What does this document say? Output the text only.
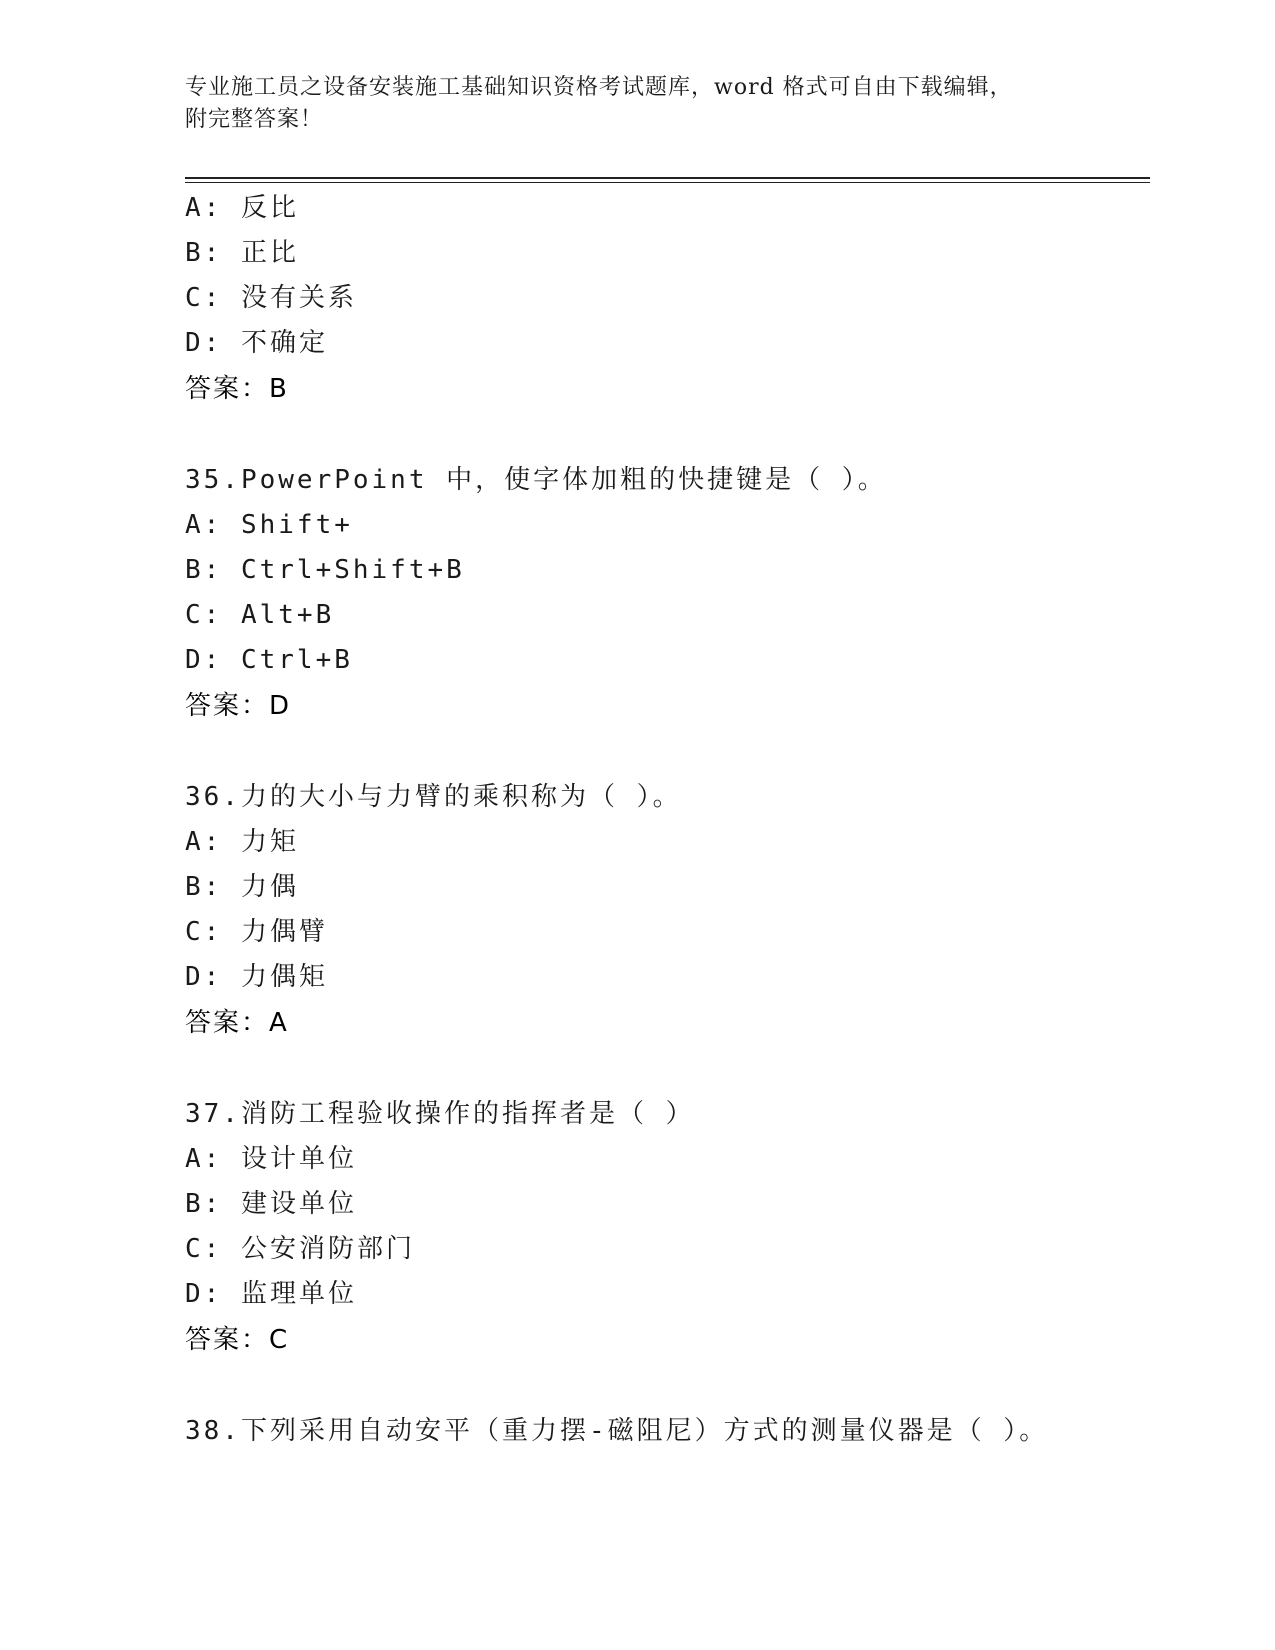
专业施工员之设备安装施工基础知识资格考试题库，word 格式可自由下载编辑，
附完整答案！
A: 反比
B: 正比
C: 没有关系
D: 不确定
答案：B
35.PowerPoint 中，使字体加粗的快捷键是（ ）。
A: Shift+
B: Ctrl+Shift+B
C: Alt+B
D: Ctrl+B
答案：D
36.力的大小与力臂的乘积称为（ ）。
A: 力矩
B: 力偶
C: 力偶臂
D: 力偶矩
答案：A
37.消防工程验收操作的指挥者是（ ）
A: 设计单位
B: 建设单位
C: 公安消防部门
D: 监理单位
答案：C
38.下列采用自动安平（重力摆-磁阻尼）方式的测量仪器是（ ）。
